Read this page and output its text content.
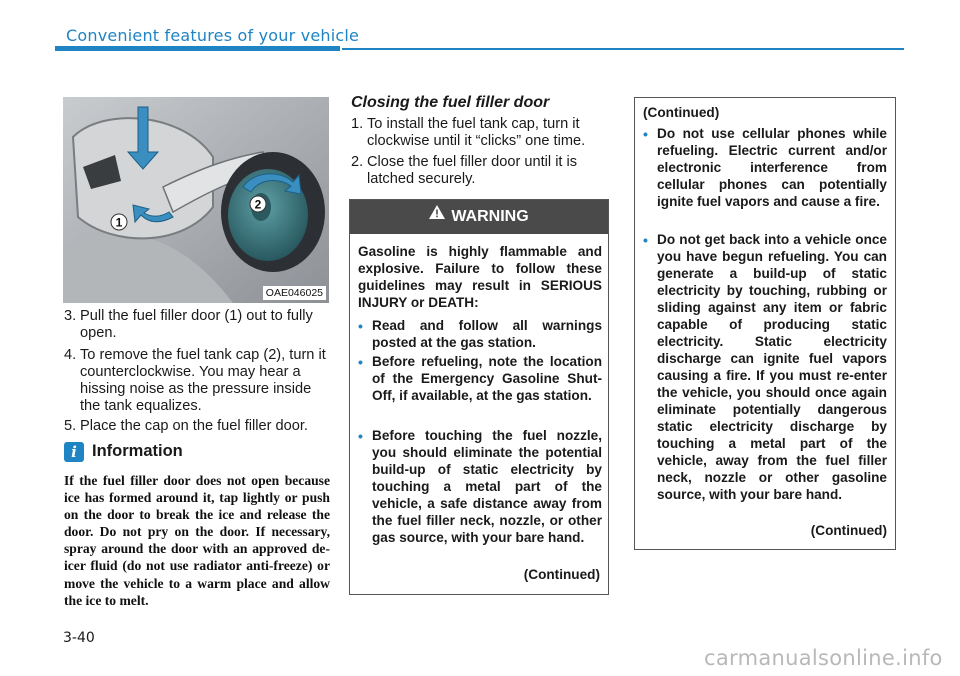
Convenient features of your vehicle
1
2
OAE046025
3. Pull the fuel filler door (1) out to fully open.
4. To remove the fuel tank cap (2), turn it counterclockwise. You may hear a hissing noise as the pressure inside the tank equalizes.
5. Place the cap on the fuel filler door.
i Information
If the fuel filler door does not open because ice has formed around it, tap lightly or push on the door to break the ice and release the door. Do not pry on the door. If necessary, spray around the door with an approved de-icer fluid (do not use radiator anti-freeze) or move the vehicle to a warm place and allow the ice to melt.
Closing the fuel filler door
1. To install the fuel tank cap, turn it clockwise until it “clicks” one time.
2. Close the fuel filler door until it is latched securely.
WARNING
Gasoline is highly flammable and explosive. Failure to follow these guidelines may result in SERIOUS INJURY or DEATH:
• Read and follow all warnings posted at the gas station.
• Before refueling, note the location of the Emergency Gasoline Shut-Off, if available, at the gas station.
• Before touching the fuel nozzle, you should eliminate the potential build-up of static electricity by touching a metal part of the vehicle, a safe distance away from the fuel filler neck, nozzle, or other gas source, with your bare hand.
(Continued)
(Continued)
• Do not use cellular phones while refueling. Electric current and/or electronic interference from cellular phones can potentially ignite fuel vapors and cause a fire.
• Do not get back into a vehicle once you have begun refueling. You can generate a build-up of static electricity by touching, rubbing or sliding against any item or fabric capable of producing static electricity. Static electricity discharge can ignite fuel vapors causing a fire. If you must re-enter the vehicle, you should once again eliminate potentially dangerous static electricity discharge by touching a metal part of the vehicle, away from the fuel filler neck, nozzle or other gasoline source, with your bare hand.
(Continued)
3-40
carmanualsonline.info
